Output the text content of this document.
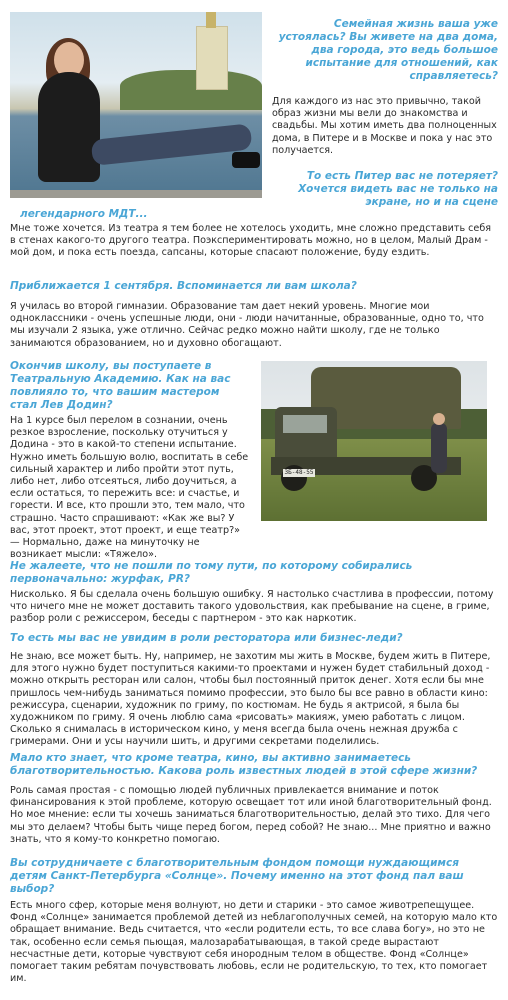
Семейная жизнь ваша уже устоялась? Вы живете на два дома, два города, это ведь большое испытание для отношений, как справляетесь?

Для каждого из нас это привычно, такой образ жизни мы вели до знакомства и свадьбы. Мы хотим иметь два полноценных дома, в Питере и в Москве и пока у нас это получается.

То есть Питер вас не потеряет? Хочется видеть вас не только на экране, но и на сцене

легендарного МДТ...

Мне тоже хочется. Из театра я тем более не хотелось уходить, мне сложно представить себя в стенах какого-то другого театра. Поэкспериментировать можно, но в целом, Малый Драм - мой дом, и пока есть поезда, сапсаны, которые спасают положение, буду ездить.

Приближается 1 сентября. Вспоминается ли вам школа?

Я училась во второй гимназии. Образование там дает некий уровень. Многие мои одноклассники - очень успешные люди, они - люди начитанные, образованные, одно то, что мы изучали 2 языка, уже отлично. Сейчас редко можно найти школу, где не только занимаются образованием, но и духовно обогащают.

Окончив школу, вы поступаете в Театральную Академию. Как на вас повлияло то, что вашим мастером стал Лев Додин?

ЗБ-48-55

На 1 курсе был перелом в сознании, очень резкое взросление, поскольку отучиться у Додина - это в какой-то степени испытание. Нужно иметь большую волю, воспитать в себе сильный характер и либо пройти этот путь, либо нет, либо отсеяться, либо доучиться, а если остаться, то пережить все: и счастье, и горести. И все, кто прошли это, тем мало, что страшно. Часто спрашивают: «Как же вы? У вас, этот проект, этот проект, и еще театр?» — Нормально, даже на минуточку не возникает мысли: «Тяжело».

Не жалеете, что не пошли по тому пути, по которому собирались первоначально: журфак, PR?

Нисколько. Я бы сделала очень большую ошибку. Я настолько счастлива в профессии, потому что ничего мне не может доставить такого удовольствия, как пребывание на сцене, в гриме, разбор роли с режиссером, беседы с партнером - это как наркотик.

То есть мы вас не увидим в роли ресторатора или бизнес-леди?

Не знаю, все может быть. Ну, например, не захотим мы жить в Москве, будем жить в Питере, для этого нужно будет поступиться какими-то проектами и нужен будет стабильный доход - можно открыть ресторан или салон, чтобы был постоянный приток денег. Хотя если бы мне пришлось чем-нибудь заниматься помимо профессии, это было бы все равно в области кино: режиссура, сценарии, художник по гриму, по костюмам. Не будь я актрисой, я была бы художником по гриму. Я очень люблю сама «рисовать» макияж, умею работать с лицом. Сколько я снималась в историческом кино, у меня всегда была очень нежная дружба с гримерами. Они и усы научили шить, и другими секретами поделились.

Мало кто знает, что кроме театра, кино, вы активно занимаетесь благотворительностью. Какова роль известных людей в этой сфере жизни?

Роль самая простая - с помощью людей публичных привлекается внимание и поток финансирования к этой проблеме, которую освещает тот или иной благотворительный фонд. Но мое мнение: если ты хочешь заниматься благотворительностью, делай это тихо. Для чего мы это делаем? Чтобы быть чище перед богом, перед собой? Не знаю... Мне приятно и важно знать, что я кому-то конкретно помогаю.

Вы сотрудничаете с благотворительным фондом помощи нуждающимся детям Санкт-Петербурга «Солнце». Почему именно на этот фонд пал ваш выбор?

Есть много сфер, которые меня волнуют, но дети и старики - это самое животрепещущее. Фонд «Солнце» занимается проблемой детей из неблагополучных семей, на которую мало кто обращает внимание. Ведь считается, что «если родители есть, то все слава богу», но это не так, особенно если семья пьющая, малозарабатывающая, в такой среде вырастают несчастные дети, которые чувствуют себя инородным телом в обществе. Фонд «Солнце» помогает таким ребятам почувствовать любовь, если не родительскую, то тех, кто помогает им.
